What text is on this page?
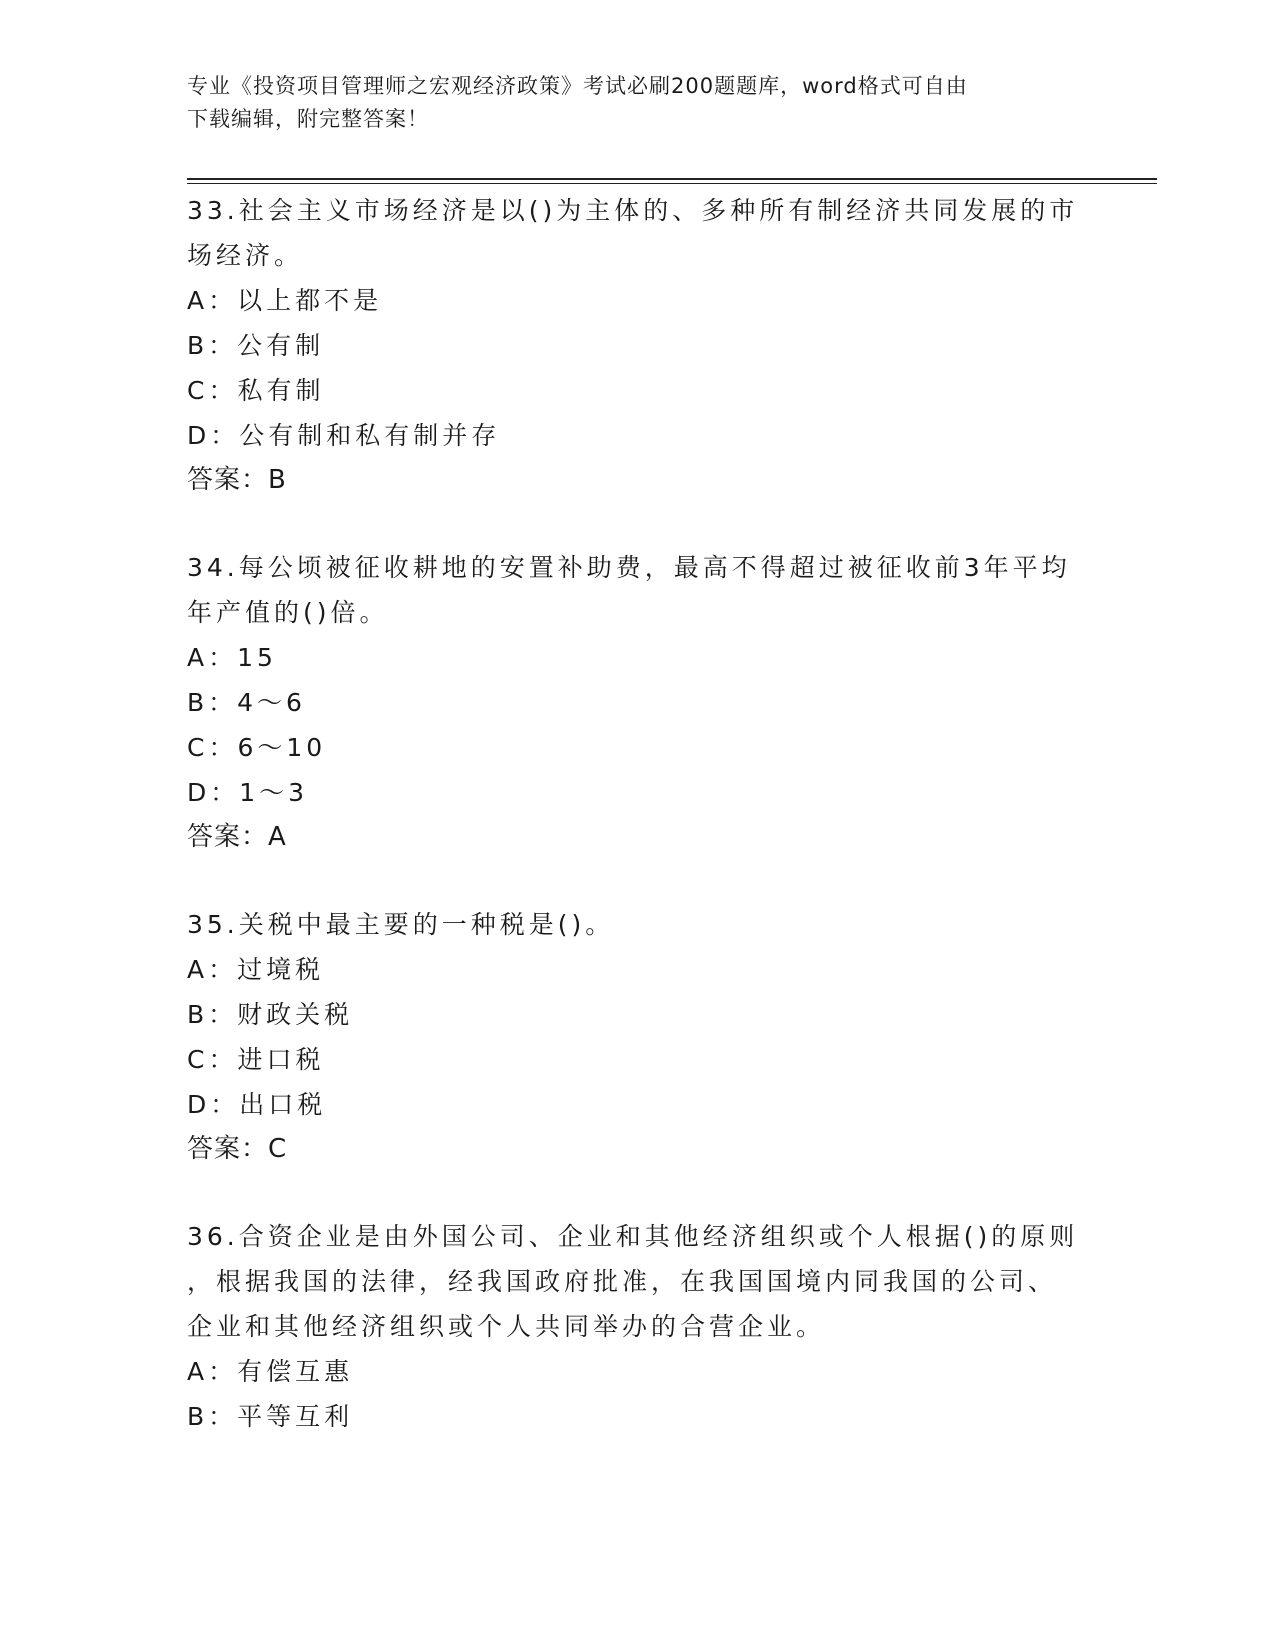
专业《投资项目管理师之宏观经济政策》考试必刷200题题库，word格式可自由

下载编辑，附完整答案！

33.社会主义市场经济是以()为主体的、多种所有制经济共同发展的市

场经济。

A：以上都不是

B：公有制

C：私有制

D：公有制和私有制并存

答案：B

34.每公顷被征收耕地的安置补助费，最高不得超过被征收前3年平均

年产值的()倍。

A：15

B：4～6

C：6～10

D：1～3

答案：A

35.关税中最主要的一种税是()。

A：过境税

B：财政关税

C：进口税

D：出口税

答案：C

36.合资企业是由外国公司、企业和其他经济组织或个人根据()的原则

，根据我国的法律，经我国政府批准，在我国国境内同我国的公司、

企业和其他经济组织或个人共同举办的合营企业。

A：有偿互惠

B：平等互利
